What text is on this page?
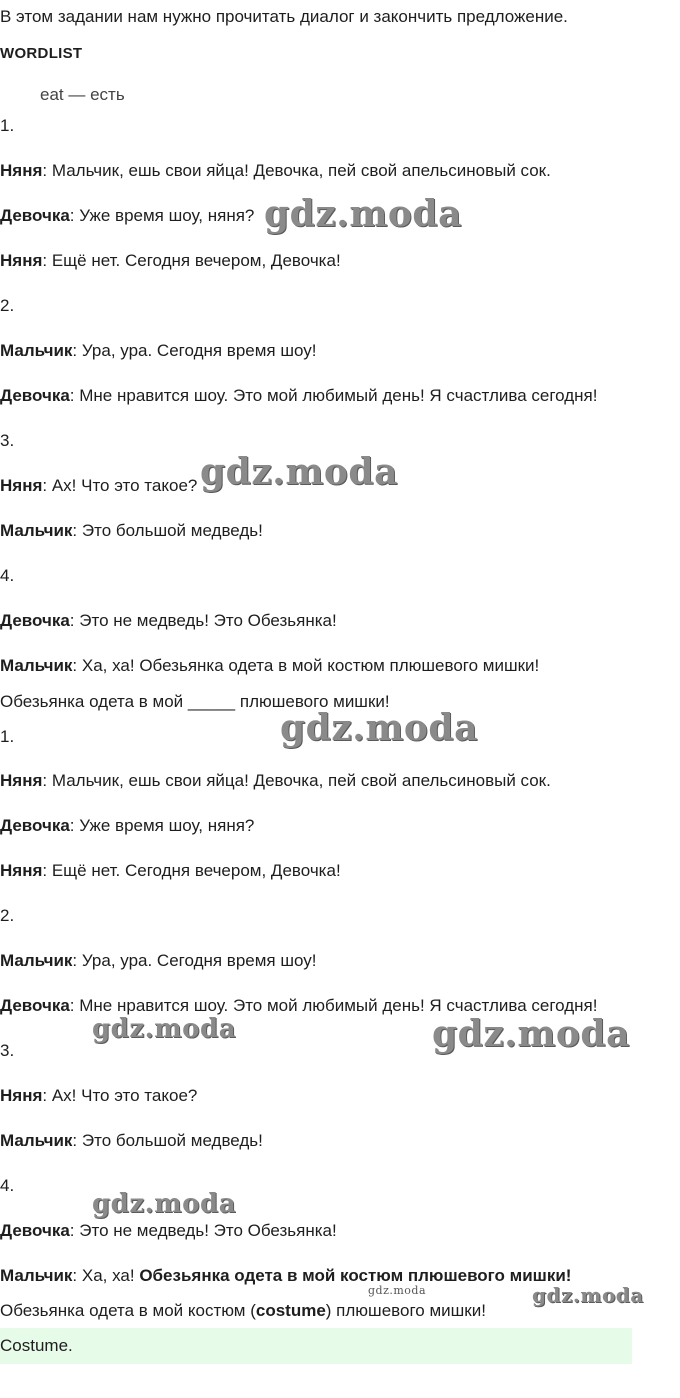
В этом задании нам нужно прочитать диалог и закончить предложение.
WORDLIST
eat — есть
1.
Няня: Мальчик, ешь свои яйца! Девочка, пей свой апельсиновый сок.
Девочка: Уже время шоу, няня?
Няня: Ещё нет. Сегодня вечером, Девочка!
2.
Мальчик: Ура, ура. Сегодня время шоу!
Девочка: Мне нравится шоу. Это мой любимый день! Я счастлива сегодня!
3.
Няня: Ах! Что это такое?
Мальчик: Это большой медведь!
4.
Девочка: Это не медведь! Это Обезьянка!
Мальчик: Ха, ха! Обезьянка одета в мой костюм плюшевого мишки!
Обезьянка одета в мой _____ плюшевого мишки!
1.
Няня: Мальчик, ешь свои яйца! Девочка, пей свой апельсиновый сок.
Девочка: Уже время шоу, няня?
Няня: Ещё нет. Сегодня вечером, Девочка!
2.
Мальчик: Ура, ура. Сегодня время шоу!
Девочка: Мне нравится шоу. Это мой любимый день! Я счастлива сегодня!
3.
Няня: Ах! Что это такое?
Мальчик: Это большой медведь!
4.
Девочка: Это не медведь! Это Обезьянка!
Мальчик: Ха, ха! Обезьянка одета в мой костюм плюшевого мишки!
Обезьянка одета в мой костюм (costume) плюшевого мишки!
Costume.
gdz.moda
gdz.moda
gdz.moda
gdz.moda	gdz.moda
gdz.moda
gdz.moda	gdz.moda
